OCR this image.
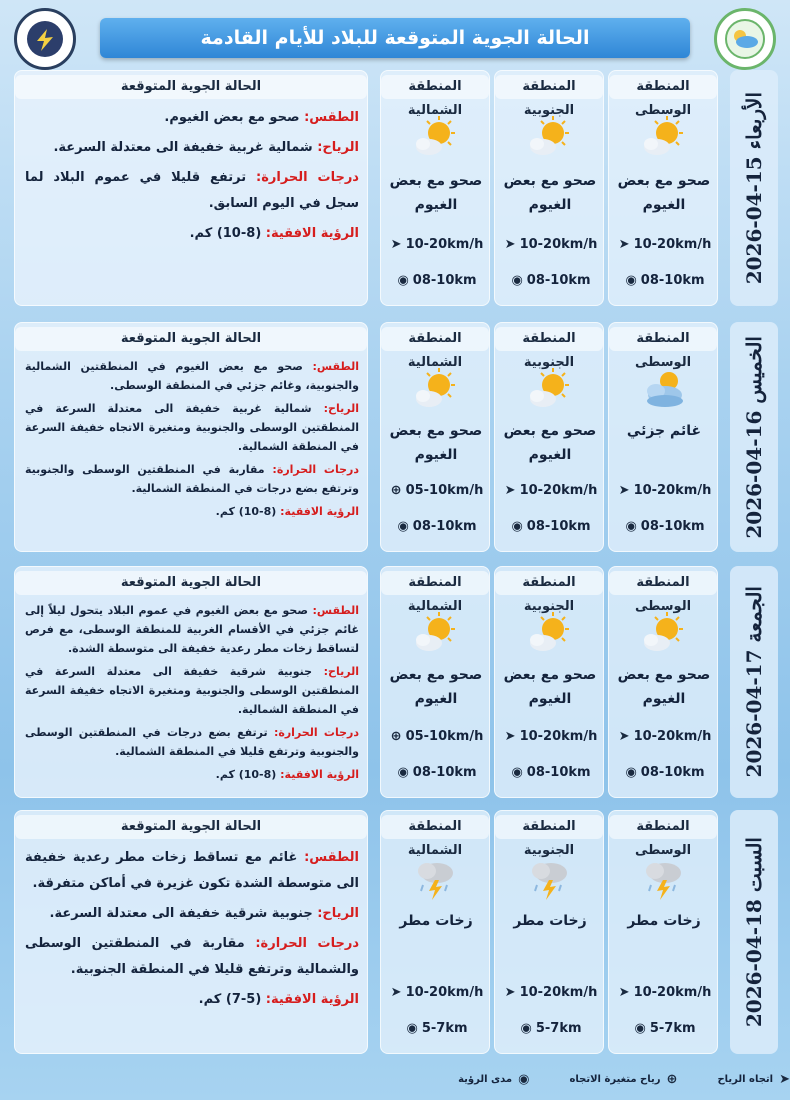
الحالة الجوية المتوقعة للبلاد للأيام القادمة
الأربعاء 15-04-2026
المنطقة الوسطى
صحو مع بعض الغيوم
➤ 10-20km/h
◉ 08-10km
المنطقة الجنوبية
صحو مع بعض الغيوم
➤ 10-20km/h
◉ 08-10km
المنطقة الشمالية
صحو مع بعض الغيوم
➤ 10-20km/h
◉ 08-10km
الحالة الجوية المتوقعة

الطقس: صحو مع بعض الغيوم.

الرياح: شمالية غربية خفيفة الى معتدلة السرعة.

درجات الحرارة: ترتفع قليلا في عموم البلاد لما سجل في اليوم السابق.

الرؤية الافقية: (8-10) كم.

الخميس 16-04-2026
المنطقة الوسطى
غائم جزئي
➤ 10-20km/h
◉ 08-10km
المنطقة الجنوبية
صحو مع بعض الغيوم
➤ 10-20km/h
◉ 08-10km
المنطقة الشمالية
صحو مع بعض الغيوم
⊕ 05-10km/h
◉ 08-10km
الحالة الجوية المتوقعة

الطقس: صحو مع بعض الغيوم في المنطقتين الشمالية والجنوبية، وغائم جزئي في المنطقة الوسطى.

الرياح: شمالية غربية خفيفة الى معتدلة السرعة في المنطقتين الوسطى والجنوبية ومتغيرة الاتجاه خفيفة السرعة في المنطقة الشمالية.

درجات الحرارة: مقاربة في المنطقتين الوسطى والجنوبية وترتفع بضع درجات في المنطقة الشمالية.

الرؤية الافقية: (8-10) كم.

الجمعة 17-04-2026
المنطقة الوسطى
صحو مع بعض الغيوم
➤ 10-20km/h
◉ 08-10km
المنطقة الجنوبية
صحو مع بعض الغيوم
➤ 10-20km/h
◉ 08-10km
المنطقة الشمالية
صحو مع بعض الغيوم
⊕ 05-10km/h
◉ 08-10km
الحالة الجوية المتوقعة

الطقس: صحو مع بعض الغيوم في عموم البلاد يتحول ليلاً إلى غائم جزئي في الأقسام الغربية للمنطقة الوسطى، مع فرص لتساقط زخات مطر رعدية خفيفة الى متوسطة الشدة.

الرياح: جنوبية شرقية خفيفة الى معتدلة السرعة في المنطقتين الوسطى والجنوبية ومتغيرة الاتجاه خفيفة السرعة في المنطقة الشمالية.

درجات الحرارة: ترتفع بضع درجات في المنطقتين الوسطى والجنوبية وترتفع قليلا في المنطقة الشمالية.

الرؤية الافقية: (8-10) كم.

السبت 18-04-2026
المنطقة الوسطى
زخات مطر
➤ 10-20km/h
◉ 5-7km
المنطقة الجنوبية
زخات مطر
➤ 10-20km/h
◉ 5-7km
المنطقة الشمالية
زخات مطر
➤ 10-20km/h
◉ 5-7km
الحالة الجوية المتوقعة

الطقس: غائم مع تساقط زخات مطر رعدية خفيفة الى متوسطة الشدة تكون غزيرة في أماكن متفرقة.

الرياح: جنوبية شرقية خفيفة الى معتدلة السرعة.

درجات الحرارة: مقاربة في المنطقتين الوسطى والشمالية وترتفع قليلا في المنطقة الجنوبية.

الرؤية الافقية: (5-7) كم.

➤
اتجاه الرياح
⊕
رياح متغيرة الاتجاه
◉
مدى الرؤية
